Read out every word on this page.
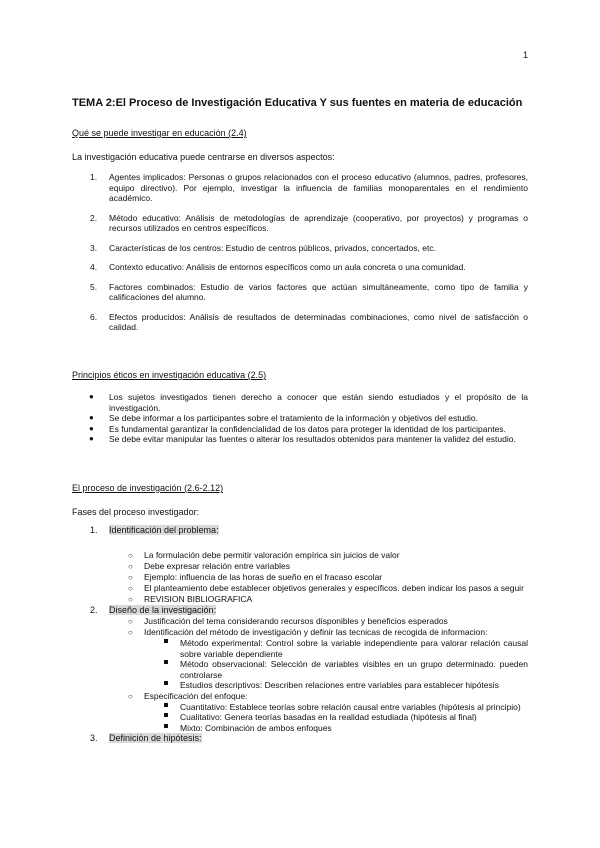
1
TEMA 2:El Proceso de Investigación Educativa Y sus fuentes en materia de educación
Qué se puede investigar en educación (2.4)

La investigación educativa puede centrarse en diversos aspectos:

1. Agentes implicados: Personas o grupos relacionados con el proceso educativo (alumnos, padres, profesores, equipo directivo). Por ejemplo, investigar la influencia de familias monoparentales en el rendimiento académico.
2. Método educativo: Análisis de metodologías de aprendizaje (cooperativo, por proyectos) y programas o recursos utilizados en centros específicos.
3. Características de los centros: Estudio de centros públicos, privados, concertados, etc.
4. Contexto educativo: Análisis de entornos específicos como un aula concreta o una comunidad.
5. Factores combinados: Estudio de varios factores que actúan simultáneamente, como tipo de familia y calificaciones del alumno.
6. Efectos producidos: Análisis de resultados de determinadas combinaciones, como nivel de satisfacción o calidad.
Principios éticos en investigación educativa (2.5)
● Los sujetos investigados tienen derecho a conocer que están siendo estudiados y el propósito de la investigación.
● Se debe informar a los participantes sobre el tratamiento de la información y objetivos del estudio.
● Es fundamental garantizar la confidencialidad de los datos para proteger la identidad de los participantes.
● Se debe evitar manipular las fuentes o alterar los resultados obtenidos para mantener la validez del estudio.
El proceso de investigación (2.6-2.12)

Fases del proceso investigador:

1. Identificación del problema:
○ La formulación debe permitir valoración empírica sin juicios de valor
○ Debe expresar relación entre variables
○ Ejemplo: influencia de las horas de sueño en el fracaso escolar
○ El planteamiento debe establecer objetivos generales y específicos. deben indicar los pasos a seguir
○ REVISION BIBLIOGRAFICA
2. Diseño de la investigación:
○ Justificación del tema considerando recursos disponibles y beneficios esperados
○ Identificación del método de investigación y definir las tecnicas de recogida de informacion:
Método experimental: Control sobre la variable independiente para valorar relación causal sobre variable dependiente
Método observacional: Selección de variables visibles en un grupo determinado. pueden controlarse
Estudios descriptivos: Describen relaciones entre variables para establecer hipótesis
○ Especificación del enfoque:
Cuantitativo: Establece teorías sobre relación causal entre variables (hipótesis al principio)
Cualitativo: Genera teorías basadas en la realidad estudiada (hipótesis al final)
Mixto: Combinación de ambos enfoques
3. Definición de hipótesis:
